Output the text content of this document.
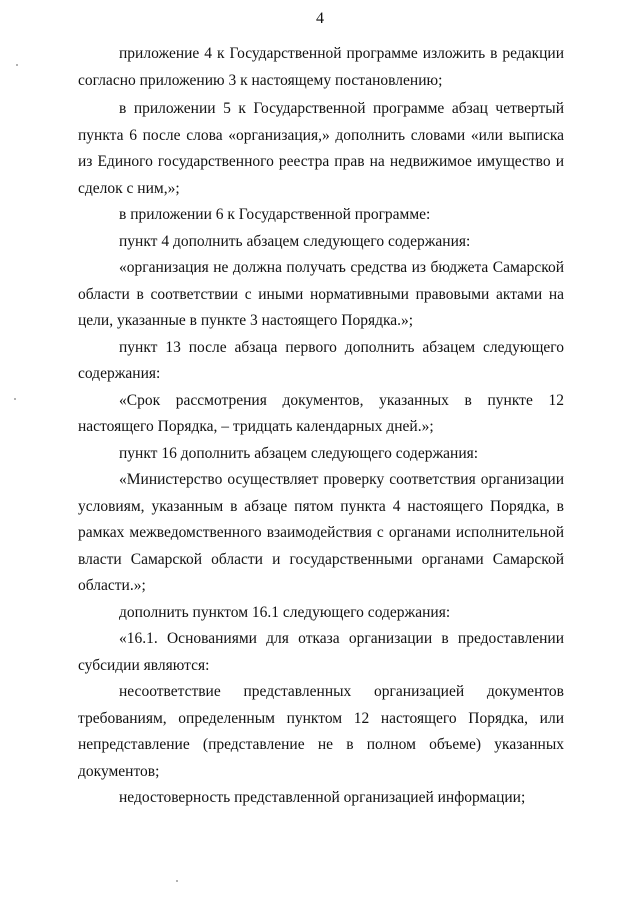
4

приложение 4 к Государственной программе изложить в редакции согласно приложению 3 к настоящему постановлению;

в приложении 5 к Государственной программе абзац четвертый пункта 6 после слова «организация,» дополнить словами «или выписка из Единого государственного реестра прав на недвижимое имущество и сделок с ним,»;

в приложении 6 к Государственной программе:

пункт 4 дополнить абзацем следующего содержания:

«организация не должна получать средства из бюджета Самарской области в соответствии с иными нормативными правовыми актами на цели, указанные в пункте 3 настоящего Порядка.»;

пункт 13 после абзаца первого дополнить абзацем следующего содержания:

«Срок рассмотрения документов, указанных в пункте 12 настоящего Порядка, – тридцать календарных дней.»;

пункт 16 дополнить абзацем следующего содержания:

«Министерство осуществляет проверку соответствия организации условиям, указанным в абзаце пятом пункта 4 настоящего Порядка, в рамках межведомственного взаимодействия с органами исполнительной власти Самарской области и государственными органами Самарской области.»;

дополнить пунктом 16.1 следующего содержания:

«16.1. Основаниями для отказа организации в предоставлении субсидии являются:

несоответствие представленных организацией документов требованиям, определенным пунктом 12 настоящего Порядка, или непредставление (представление не в полном объеме) указанных документов;

недостоверность представленной организацией информации;
